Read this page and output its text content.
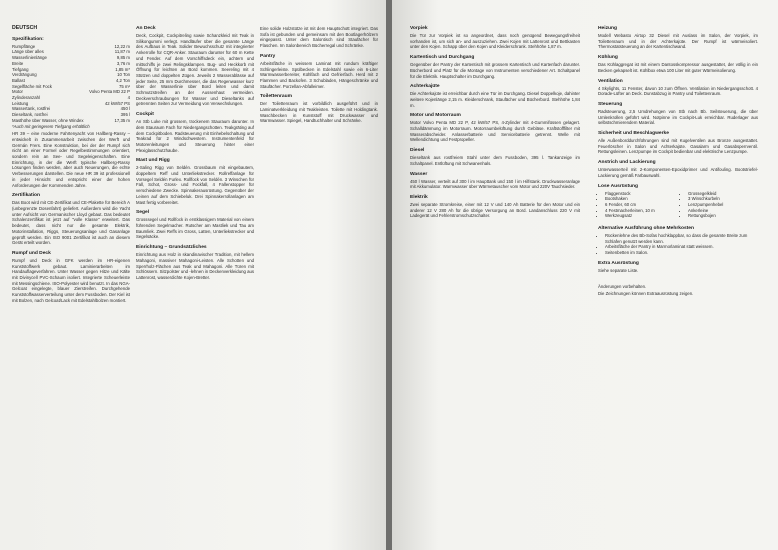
DEUTSCH
Spezifikation:
Rumpflänge	12,22 m
Länge über alles	11,87 m
Wasserlinienlänge	9,85 m
Breite	3,76 m
Tiefgang	1,85 m*
Verdrängung	10 Ton
Ballast	4,2 Ton
Segelfläche mit Fock	75 m²
Motor	Volvo Penta MD 22 P
Zylinderanzahl	4
Leistung	42 kW/57 PS
Wassertank, rostfrei	450 l
Dieseltank, rostfrei	395 l
Masthöhe über Wasser, ohne Windex	17,35 m

*Auch mit geringerem Tiefgang erhältlich

HR 39 – eine moderne Fahrtenyacht von Hallberg-Rassy – entwickelt in Zusammenarbeit zwischen der Werft und Germán Frers. Eine Konstruktion, bei der der Rumpf sich nicht an einer Formel oder Regelbestimmungen orientiert, sondern rein an See- und Segeleigenschaften. Eine Einrichtung, in der die Werft typische Hallberg-Rassy Lösungen finden werden, aber auch Neuerungen, die echte Verbesserungen darstellen. Die neue HR 39 ist professionell in jeder Hinsicht und entspricht einer der hohen Anforderungen der Kommenden Jahre.

Zertifikation

Das Boot wird mit CE-Zertifikat und CE-Plakette für Bereich A (unbegrenzte Dosenfahrt) geliefert. Außerdem wird die Yacht unter Aufsicht von Germanischer Lloyd gebaut. Das bedeutet Schalenzertifikat ist jetzt auf "volle Klasse" erweitert. Das bedeutet, dass nicht nur die gesamte Elektrik, Motorinstallation, Riggs, Steuerungsanlage und Gasanlage geprüft werden. Ein ISO 9001 Zertifikat ist auch an diesem Gerät erteilt worden.

Rumpf und Deck

Rumpf und Deck in GFK werden im HR-eigenen Kunststoffwerk gebaut. Laminierarbeiten im Handauflageverfahren. Unter Wasser gegen Hitze und Kälte mit Divinycell PVC-Schaum isoliert. Integrierte Scheuerleiste mit Messingschiene. ISO-Polyester wird benutzt. In das NGA-Gelcoat eingelegte, blauer Zierstreifen. Durchgehende Kunststoffwasserverteilung unter dem Fussboden. Der Kiel ist mit Bolzen, nach Gelcoat/Lack mit Edelstahlbolzen montiert.

An Deck

Deck, Cockpit, Cockpitreling sowie Schanzkleid mit Teak in Silikongummi verlegt. Handläufer über die gesamte Länge des Aufbaus in Teak. Solider Bewuchsschutz mit integrierter Ankerrolle für CQR-Anker. Stauraum darunter für 60 m Kette und Fender. Auf dem Vorschiffsdeck ein, achtern und mittschiffs je zwei Relingsklampen. Bug- und Heckkorb mit Öffnung für leichten an Bord kommen. Seereling mit 4 Stützen und doppelten Zügen. Jeweils 2 Wasserablässe auf jeder Seite, 25 mm Durchmesser, die das Regenwasser kurz über der Wasserlinie über Bord leiten und damit Schmutzstreifen an der Aussenhaut vermeiden. Deckverschraubungen für Wasser und Dieseltanks auf getrennten Seiten zur Vermeidung von Verwechslungen.

Cockpit

An Stb Luke mit grossem, trockenem Stauraum darunter. In dem Stauraum Fach für Niedergangschotten. Teakgräting auf dem Cockpitboden. Radsteuerung mit Einhebelschaltung und Teakrad für 2 Windschwestern. Instrumentenfeld für Motorenleitungen und Steuerung hinter einer Plexiglasschutzhaube.

Mast und Rigg

2-Saling Rigg von Seldén. Grossbaum mit eingebautem, doppeltem Reff und Unterliekstrecker. Rollreffanlage für Vorsegel Seldén Furlex. Rollfock von Seldén. 3 Winschen für Fall, Schot, Gross- und Fockfall, 4 Fallenstopper für verschiedene Zwecke. Spinnakerausrüstung. Gegenüber der Leinen auf dem Schiebeluk. Drei Spinnakerrollanlagen am Mast fertig vorbereitet.

Segel

Grosssegel und Rollfock in erstklassigem Material von einem führenden Segelmacher. Rutscher am Mastliek und Tau am Baumliek. Zwei Reffs im Gross, Latten, Unterliekstrecker und Segelsäcke.

Einrichtung – Grundsätzliches

Einrichtung aus Holz in skandinavischer Tradition, mit hellem Mahagoni, massiver Mahagoni-Leisten. Alle Schotten und Sperrholz-Flächen aus Teak und Mahagoni. Alle Türen mit Schlössern. Sitzpolster und -lehnen in Deckenverkleidung aus Lattenrost, wasserdichte Kojen-Bretter.

Eine solide Holzstütze ist mit dem Hauptschott integriert. Das Sofa ist gebunden und gemeinsam mit den Bootlagerhölzern eingepasst. Unter dem Salontisch sind Staufächer für Flaschen. Im Salonbereich Bücherregal und Schränke.

Pantry

Arbeitsfläche in weissem Laminat mit rundum kräftiger Schlingerleiste. Spülbecken in Edelstahl sowie ein 6-Liter Warmwasserbereiter, Kühlfach und Gefrierfach. Herd mit 2 Flammen und Backofen. 3 Schubladen, Hängeschränke und Staufächer. Porzellan-Abfalleimer.

Toilettenraum

Der Toilettenraum ist vorbildlich ausgeführt und in Laminatverkleidung mit Teakleisten. Toilette mit Holdingtank. Waschbecken in Kunststoff mit Druckwasser und Warmwasser. Spiegel, Handtuchhalter und Schränke.

Vorpiek

Die Tür zur Vorpiek ist so angeordnet, dass noch genügend Bewegungsfreiheit vorhanden ist, um sich an- und auszuziehen. Zwei Kojen mit Lattenrost und Bettkasten unter den Kojen. Schapp über den Kojen und Kleiderschrank. Stehhöhe 1,87 m.

Kartentisch und Durchgang

Gegenüber der Pantry der Kartentisch mit grossem Kartentisch und Kartenfach darunter. Bücherbord und Platz für die Montage von Instrumenten verschiedener Art. Schaltpanel für die Elektrik. Hauptschalter im Durchgang.

Achterkajüte

Die Achterkajüte ist erreichbar durch eine Tür im Durchgang. Diesel Doppelkoje, dahinter weitere Kojenlänge 2,15 m. Kleiderschrank, Staufächer und Bücherbord. Stehhöhe 1,84 m.

Motor und Motorraum

Motor Volvo Penta MD 22 P, 42 kW/57 PS, 4-Zylinder mit 4-Gummifüssen gelagert. Schalldämmung im Motorraum. Motorraumbelüftung durch Gebläse. Kraftstofffilter mit Wasserabscheider. Anlasserbatterie und Servicebatterie getrennt. Welle mit Wellendichtung und Festpropeller.

Diesel

Dieseltank aus rostfreiem Stahl unter dem Fussboden, 395 l. Tankanzeige im Schaltpanel. Entlüftung mit Schwanenhals.

Wasser

450 l Wasser, verteilt auf 300 l im Haupttank und 150 l im Hilfstank. Druckwasseranlage mit Akkumulator. Warmwasser über Wärmetauscher vom Motor und 220V Tauchsieder.

Elektrik

Zwei separate Stromkreise, einer mit 12 V und 140 Ah Batterie für den Motor und ein anderer 12 V 280 Ah für die übrige Versorgung an Bord. Landanschluss 220 V mit Ladegerät und Fehlerstromschutzschalter.

Heizung

Modell Webasto Airtop 32 Diesel mit Auslass im Salon, der Vorpiek, im Toilettenraum und in der Achterkajüte. Der Rumpf ist wärmeisoliert. Thermostatsteuerung an der Kartentischwand.

Kühlung

Das Kühlaggregat ist mit einem Dantosskompressor ausgestattet, der völlig in ein Becken gekapselt ist. Kühlbox etwa 100 Liter mit guter Wärmeisolierung.

Ventilation

4 Skylights, 11 Fenster, davon 10 zum Öffnen. Ventilation im Niedergangsschott. 4 Dorade-Lüfter an Deck. Dunstabzug in Pantry und Toilettenraum.

Steuerung

Radsteuerung, 2,5 Umdrehungen von Stb nach Bb. Seilsteuerung, die über Umlenkrollen geführt wird. Notpinne im Cockpit-Luk erreichbar. Ruderlager aus selbstschmierendem Material.

Sicherheit und Beschlagwerke

Alle Außenborddurchführungen sind mit Kugelventilen aus Bronze ausgestattet. Feuerlöscher in Salon und Achterkajüte. Gasalarm und Gasabsperrventil. Rettungsleinen. Lenzpumpe im Cockpit bedienbar und elektrische Lenzpumpe.

Anstrich und Lackierung

Unterwasserteil mit 2-Komponenten-Epoxidprimer und Antifouling. Bootstriefel-Lackierung gemäß Farbauswahl.

Lose Ausrüstung
• Flaggenstock
• Bootshaken
• 6 Fender, 60 cm
• 4 Festmacherleinen, 10 m
• Werkzeugsatz
• Grossegelkleid
• 3 Winschkurbeln
• Lenzpumpenhebel
• Ankerleine
• Rettungsbojen
Alternative Ausführung ohne Mehrkosten
• Rückenlehne des Bb-Sofas hochklappbar, so dass die gesamte Breite zum Schlafen genutzt werden kann.
• Arbeitsfläche der Pantry in Marmorlaminat statt weissem.
• Seitenbetten im Salon.
Extra Ausrüstung

Siehe separate Liste.

Änderungen vorbehalten.

Die Zeichnungen können Extraausrüstung zeigen.
